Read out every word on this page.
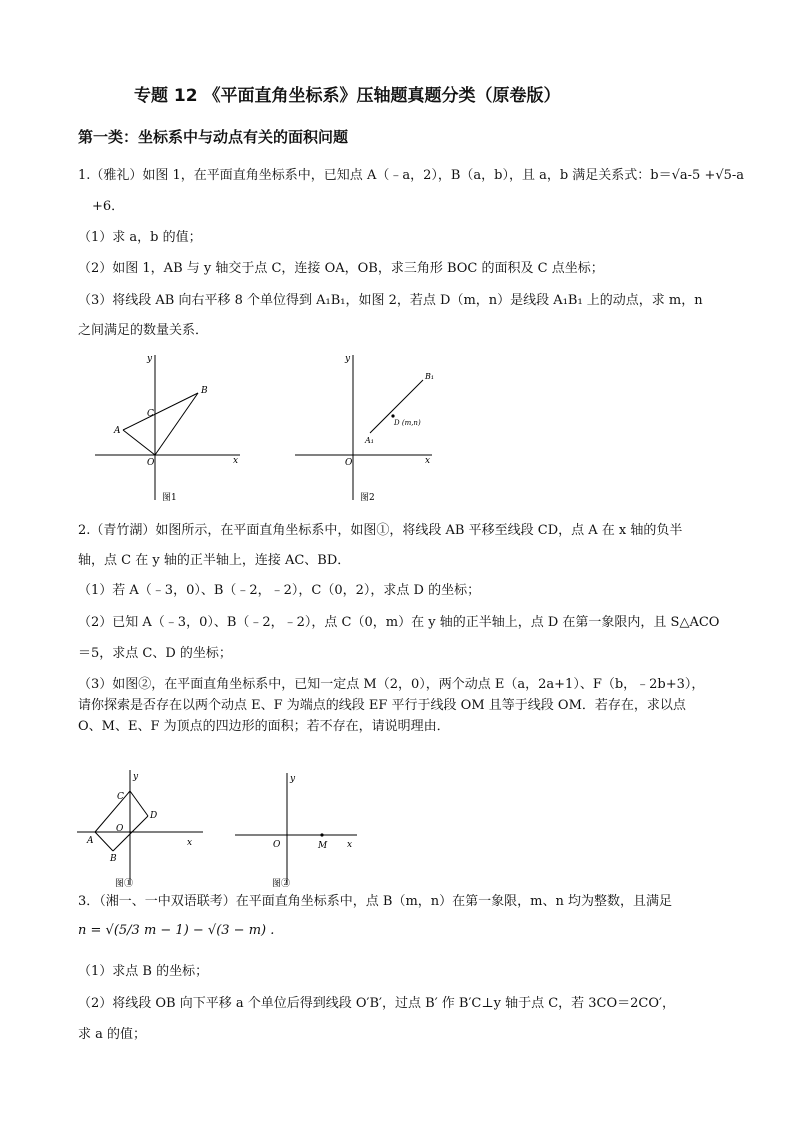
专题 12 《平面直角坐标系》压轴题真题分类（原卷版）
第一类：坐标系中与动点有关的面积问题
1.（雅礼）如图 1，在平面直角坐标系中，已知点 A（﹣a，2），B（a，b），且 a，b 满足关系式：b＝√a-5 +√5-a
+6．
（1）求 a，b 的值；
（2）如图 1，AB 与 y 轴交于点 C，连接 OA，OB，求三角形 BOC 的面积及 C 点坐标；
（3）将线段 AB 向右平移 8 个单位得到 A₁B₁，如图 2，若点 D（m，n）是线段 A₁B₁ 上的动点，求 m，n
之间满足的数量关系．
y
x
O
A
B
C
图1
y
x
O
A₁
B₁
D (m,n)
图2
2.（青竹湖）如图所示，在平面直角坐标系中，如图①，将线段 AB 平移至线段 CD，点 A 在 x 轴的负半
轴，点 C 在 y 轴的正半轴上，连接 AC、BD．
（1）若 A（﹣3，0）、B（﹣2，﹣2），C（0，2），求点 D 的坐标；
（2）已知 A（﹣3，0）、B（﹣2，﹣2），点 C（0，m）在 y 轴的正半轴上，点 D 在第一象限内，且 S△ACO
＝5，求点 C、D 的坐标；
（3）如图②，在平面直角坐标系中，已知一定点 M（2，0），两个动点 E（a，2a+1）、F（b，﹣2b+3），
请你探索是否存在以两个动点 E、F 为端点的线段 EF 平行于线段 OM 且等于线段 OM．若存在，求以点
O、M、E、F 为顶点的四边形的面积；若不存在，请说明理由．
y
x
O
A
B
C
D
图①
y
x
O	M
图②
3．（湘一、一中双语联考）在平面直角坐标系中，点 B（m，n）在第一象限，m、n 均为整数，且满足
n = √(5/3 m − 1) − √(3 − m) .
（1）求点 B 的坐标；
（2）将线段 OB 向下平移 a 个单位后得到线段 O′B′，过点 B′ 作 B′C⊥y 轴于点 C，若 3CO＝2CO′，
求 a 的值；
